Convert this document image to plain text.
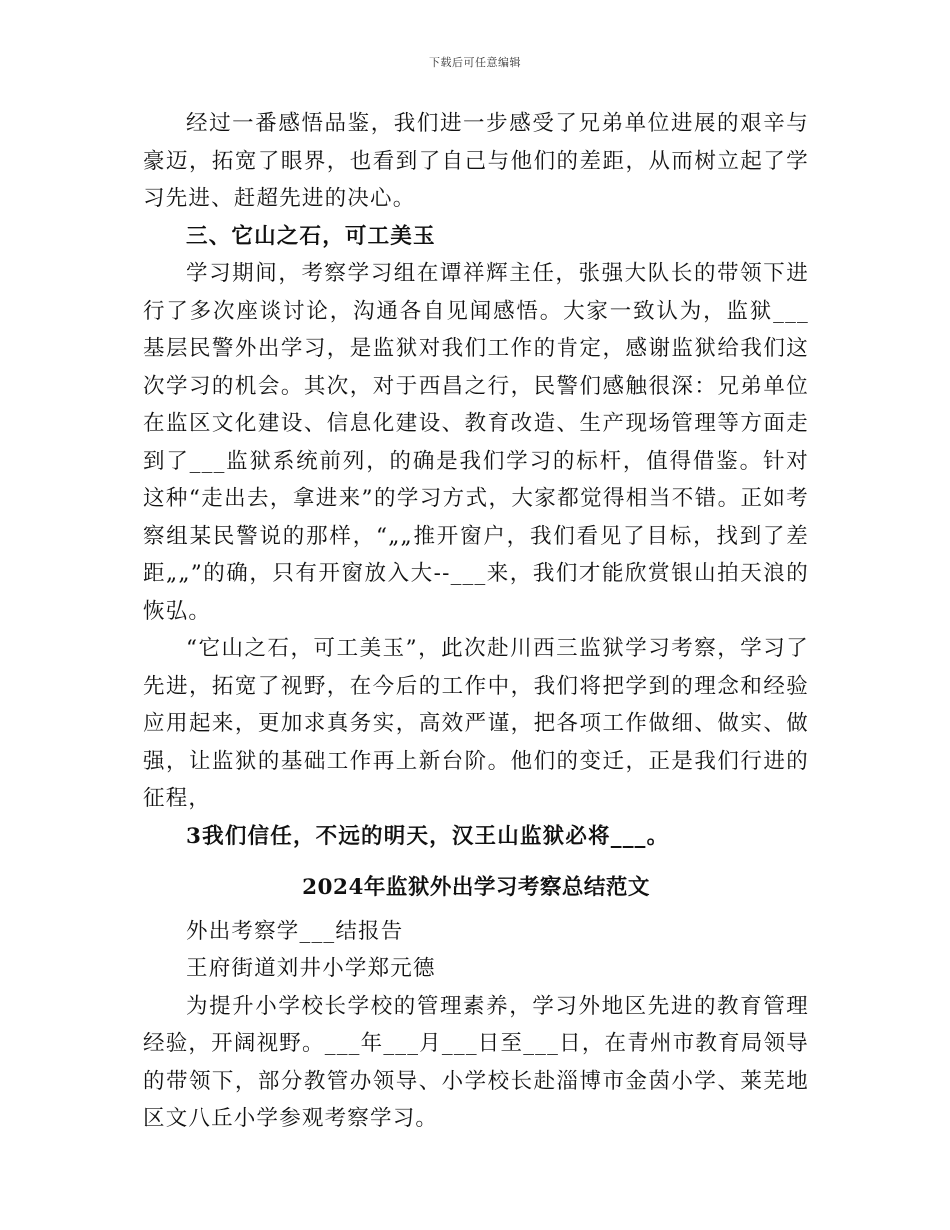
下载后可任意编辑

经过一番感悟品鉴，我们进一步感受了兄弟单位进展的艰辛与豪迈，拓宽了眼界，也看到了自己与他们的差距，从而树立起了学习先进、赶超先进的决心。

三、它山之石，可工美玉

学习期间，考察学习组在谭祥辉主任，张强大队长的带领下进行了多次座谈讨论，沟通各自见闻感悟。大家一致认为，监狱___基层民警外出学习，是监狱对我们工作的肯定，感谢监狱给我们这次学习的机会。其次，对于西昌之行，民警们感触很深：兄弟单位在监区文化建设、信息化建设、教育改造、生产现场管理等方面走到了___监狱系统前列，的确是我们学习的标杆，值得借鉴。针对这种“走出去，拿进来”的学习方式，大家都觉得相当不错。正如考察组某民警说的那样，“„„推开窗户，我们看见了目标，找到了差距„„”的确，只有开窗放入大--___来，我们才能欣赏银山拍天浪的恢弘。

“它山之石，可工美玉”，此次赴川西三监狱学习考察，学习了先进，拓宽了视野，在今后的工作中，我们将把学到的理念和经验应用起来，更加求真务实，高效严谨，把各项工作做细、做实、做强，让监狱的基础工作再上新台阶。他们的变迁，正是我们行进的征程，

3我们信任，不远的明天，汉王山监狱必将___。

2024年监狱外出学习考察总结范文

外出考察学___结报告

王府街道刘井小学郑元德

为提升小学校长学校的管理素养，学习外地区先进的教育管理经验，开阔视野。___年___月___日至___日，在青州市教育局领导的带领下，部分教管办领导、小学校长赴淄博市金茵小学、莱芜地区文八丘小学参观考察学习。
